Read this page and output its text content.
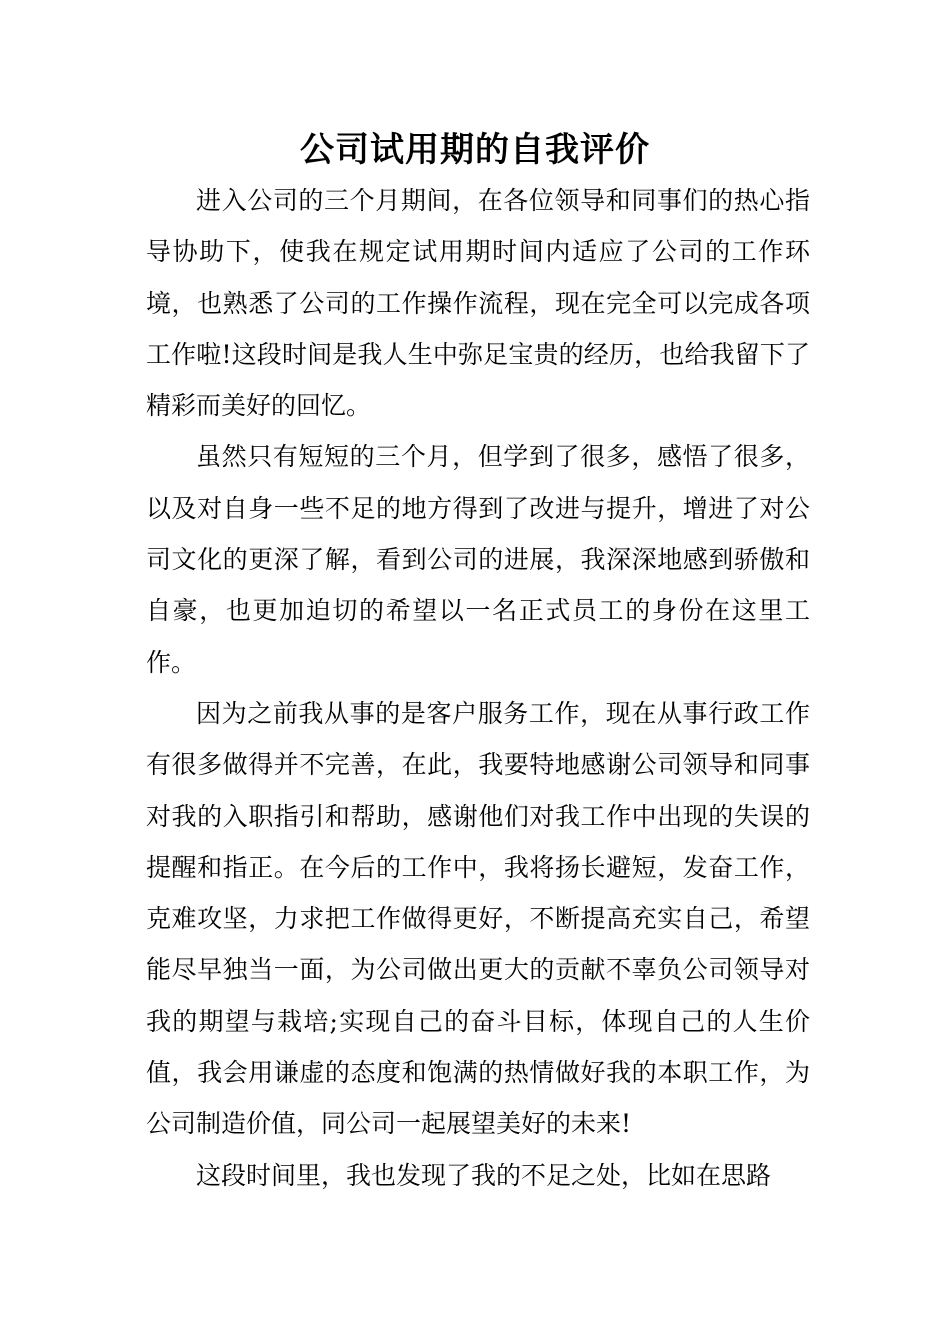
公司试用期的自我评价

进入公司的三个月期间，在各位领导和同事们的热心指导协助下，使我在规定试用期时间内适应了公司的工作环境，也熟悉了公司的工作操作流程，现在完全可以完成各项工作啦!这段时间是我人生中弥足宝贵的经历，也给我留下了精彩而美好的回忆。

虽然只有短短的三个月，但学到了很多，感悟了很多，以及对自身一些不足的地方得到了改进与提升，增进了对公司文化的更深了解，看到公司的进展，我深深地感到骄傲和自豪，也更加迫切的希望以一名正式员工的身份在这里工作。

因为之前我从事的是客户服务工作，现在从事行政工作有很多做得并不完善，在此，我要特地感谢公司领导和同事对我的入职指引和帮助，感谢他们对我工作中出现的失误的提醒和指正。在今后的工作中，我将扬长避短，发奋工作，克难攻坚，力求把工作做得更好，不断提高充实自己，希望能尽早独当一面，为公司做出更大的贡献不辜负公司领导对我的期望与栽培;实现自己的奋斗目标，体现自己的人生价值，我会用谦虚的态度和饱满的热情做好我的本职工作，为公司制造价值，同公司一起展望美好的未来!

这段时间里，我也发现了我的不足之处，比如在思路
